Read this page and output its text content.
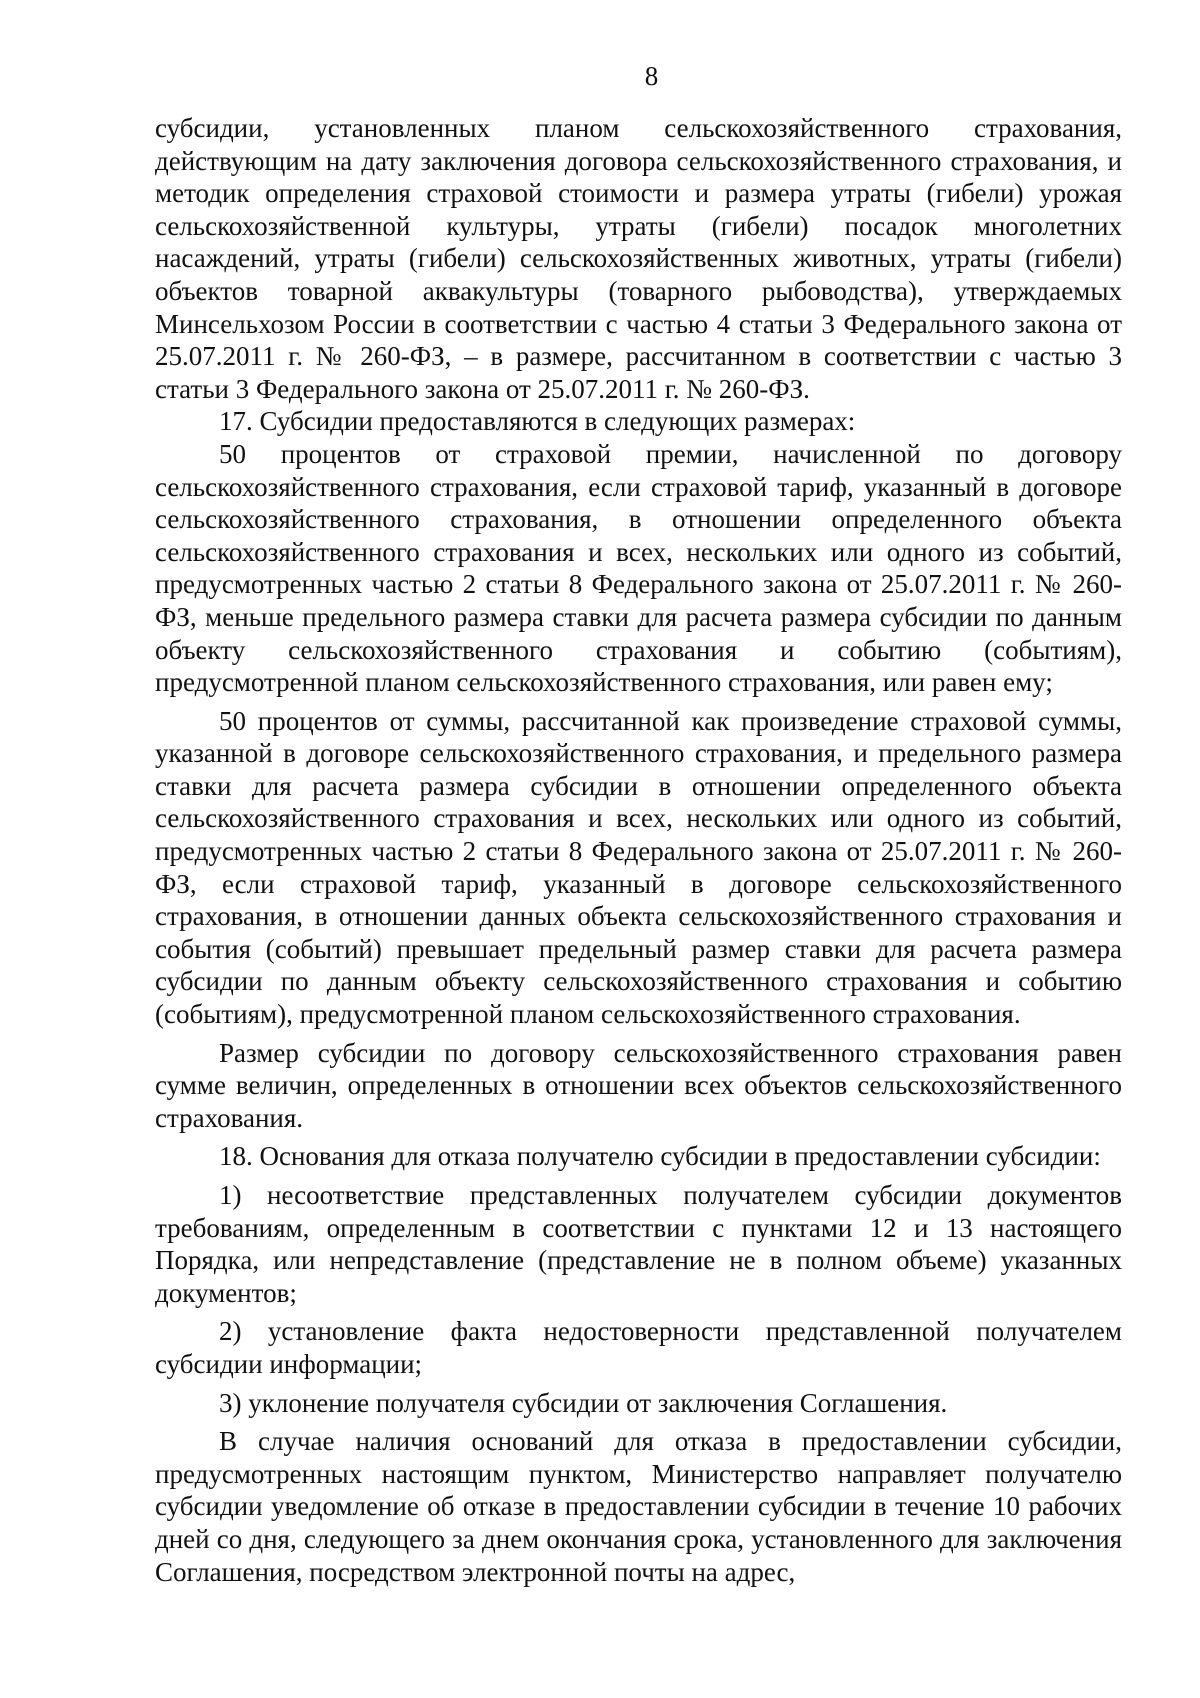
8

субсидии, установленных планом сельскохозяйственного страхования, действующим на дату заключения договора сельскохозяйственного страхования, и методик определения страховой стоимости и размера утраты (гибели) урожая сельскохозяйственной культуры, утраты (гибели) посадок многолетних насаждений, утраты (гибели) сельскохозяйственных животных, утраты (гибели) объектов товарной аквакультуры (товарного рыбоводства), утверждаемых Минсельхозом России в соответствии с частью 4 статьи 3 Федерального закона от 25.07.2011 г. № 260-ФЗ, – в размере, рассчитанном в соответствии с частью 3 статьи 3 Федерального закона от 25.07.2011 г. № 260-ФЗ.

17. Субсидии предоставляются в следующих размерах:

50 процентов от страховой премии, начисленной по договору сельскохозяйственного страхования, если страховой тариф, указанный в договоре сельскохозяйственного страхования, в отношении определенного объекта сельскохозяйственного страхования и всех, нескольких или одного из событий, предусмотренных частью 2 статьи 8 Федерального закона от 25.07.2011 г. № 260-ФЗ, меньше предельного размера ставки для расчета размера субсидии по данным объекту сельскохозяйственного страхования и событию (событиям), предусмотренной планом сельскохозяйственного страхования, или равен ему;

50 процентов от суммы, рассчитанной как произведение страховой суммы, указанной в договоре сельскохозяйственного страхования, и предельного размера ставки для расчета размера субсидии в отношении определенного объекта сельскохозяйственного страхования и всех, нескольких или одного из событий, предусмотренных частью 2 статьи 8 Федерального закона от 25.07.2011 г. № 260-ФЗ, если страховой тариф, указанный в договоре сельскохозяйственного страхования, в отношении данных объекта сельскохозяйственного страхования и события (событий) превышает предельный размер ставки для расчета размера субсидии по данным объекту сельскохозяйственного страхования и событию (событиям), предусмотренной планом сельскохозяйственного страхования.

Размер субсидии по договору сельскохозяйственного страхования равен сумме величин, определенных в отношении всех объектов сельскохозяйственного страхования.

18. Основания для отказа получателю субсидии в предоставлении субсидии:

1) несоответствие представленных получателем субсидии документов требованиям, определенным в соответствии с пунктами 12 и 13 настоящего Порядка, или непредставление (представление не в полном объеме) указанных документов;

2) установление факта недостоверности представленной получателем субсидии информации;

3) уклонение получателя субсидии от заключения Соглашения.

В случае наличия оснований для отказа в предоставлении субсидии, предусмотренных настоящим пунктом, Министерство направляет получателю субсидии уведомление об отказе в предоставлении субсидии в течение 10 рабочих дней со дня, следующего за днем окончания срока, установленного для заключения Соглашения, посредством электронной почты на адрес,
